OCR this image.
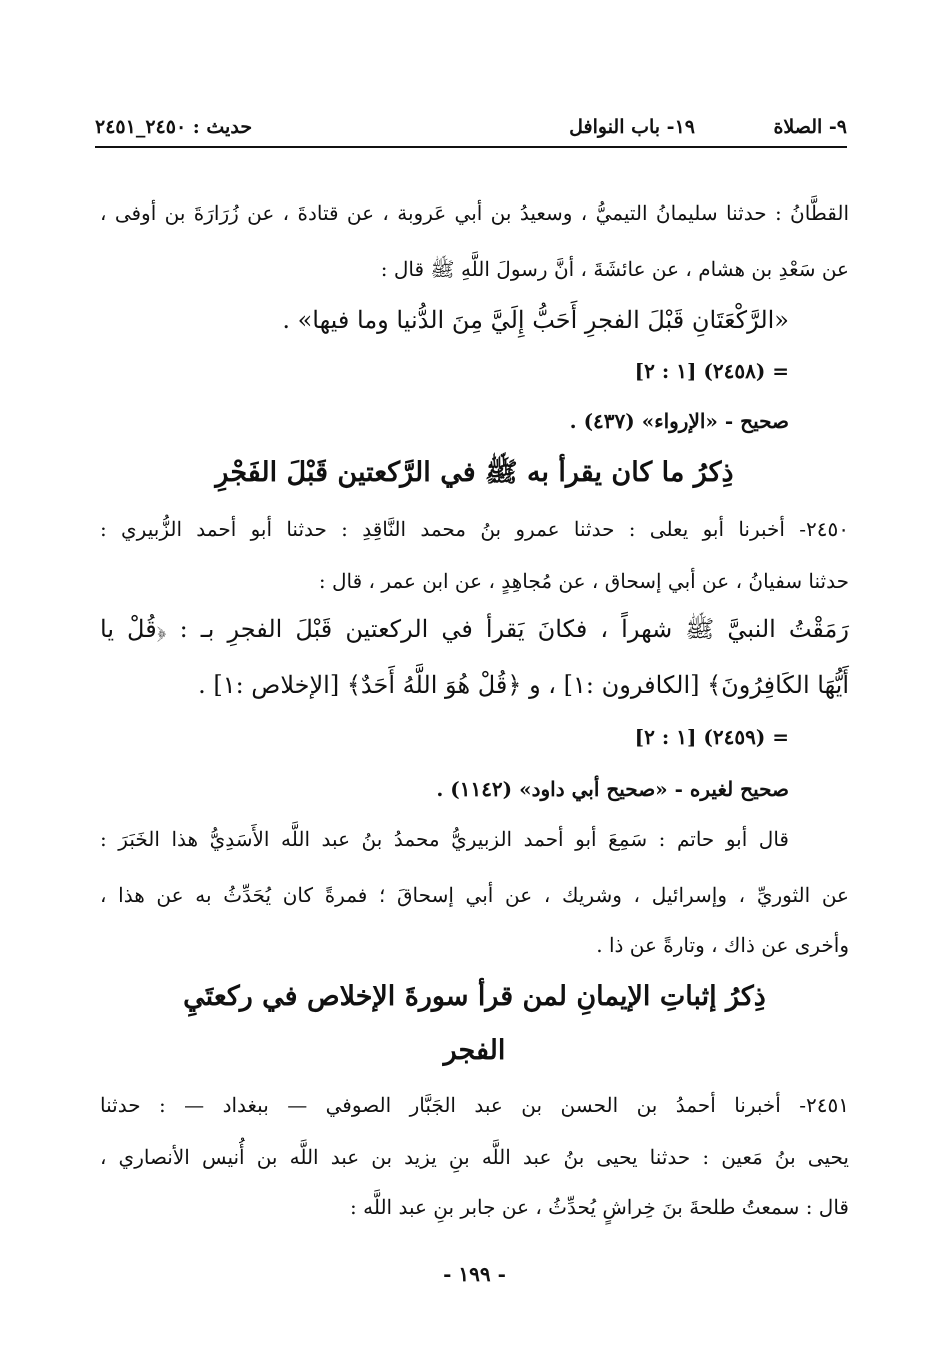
٩- الصلاة
١٩- باب النوافل
حديث : ٢٤٥٠_٢٤٥١
القطَّانُ : حدثنا سليمانُ التيميُّ ، وسعيدُ بن أبي عَروبة ، عن قتادةَ ، عن زُرَارَةَ بن أوفى ،
عن سَعْدِ بن هشام ، عن عائشَةَ ، أنَّ رسولَ اللَّهِ ﷺ قال :
«الرَّكْعَتَانِ قَبْلَ الفجرِ أَحَبُّ إِلَيَّ مِنَ الدُّنيا وما فيها» .
= (٢٤٥٨) [١ : ٢]
صحيح - «الإرواء» (٤٣٧) .
ذِكرُ ما كان يقرأ به ﷺ في الرَّكعتين قَبْلَ الفَجْرِ
٢٤٥٠- أخبرنا أبو يعلى : حدثنا عمرو بنُ محمد النَّاقِدِ : حدثنا أبو أحمد الزُّبيري :
حدثنا سفيانُ ، عن أبي إسحاق ، عن مُجاهِدٍ ، عن ابن عمر ، قال :
رَمَقْتُ النبيَّ ﷺ شهراً ، فكانَ يَقرأ في الركعتين قَبْلَ الفجرِ بـ : ﴿قُلْ يا
أَيُّهَا الكَافِرُونَ﴾ [الكافرون :١] ، و ﴿قُلْ هُوَ اللَّهُ أَحَدٌ﴾ [الإخلاص :١] .
= (٢٤٥٩) [١ : ٢]
صحيح لغيره - «صحيح أبي داود» (١١٤٢) .
قال أبو حاتم : سَمِعَ أبو أحمد الزبيريُّ محمدُ بنُ عبد اللَّه الأَسَدِيُّ هذا الخَبَرَ :
عن الثوريِّ ، وإسرائيل ، وشريك ، عن أبي إسحاقَ ؛ فمرةً كان يُحَدِّثُ به عن هذا ،
وأخرى عن ذاك ، وتارةً عن ذا .
ذِكرُ إثباتِ الإيمانِ لمن قرأ سورةَ الإخلاص في ركعتَيِ
الفجر
٢٤٥١- أخبرنا أحمدُ بن الحسن بن عبد الجَبَّار الصوفي — ببغداد — : حدثنا
يحيى بنُ مَعين : حدثنا يحيى بنُ عبد اللَّه بنِ يزيد بن عبد اللَّه بن أُنيس الأنصاري ،
قال : سمعتُ طلحةَ بنَ خِراشٍ يُحدِّثُ ، عن جابر بنِ عبد اللَّه :
- ١٩٩ -
